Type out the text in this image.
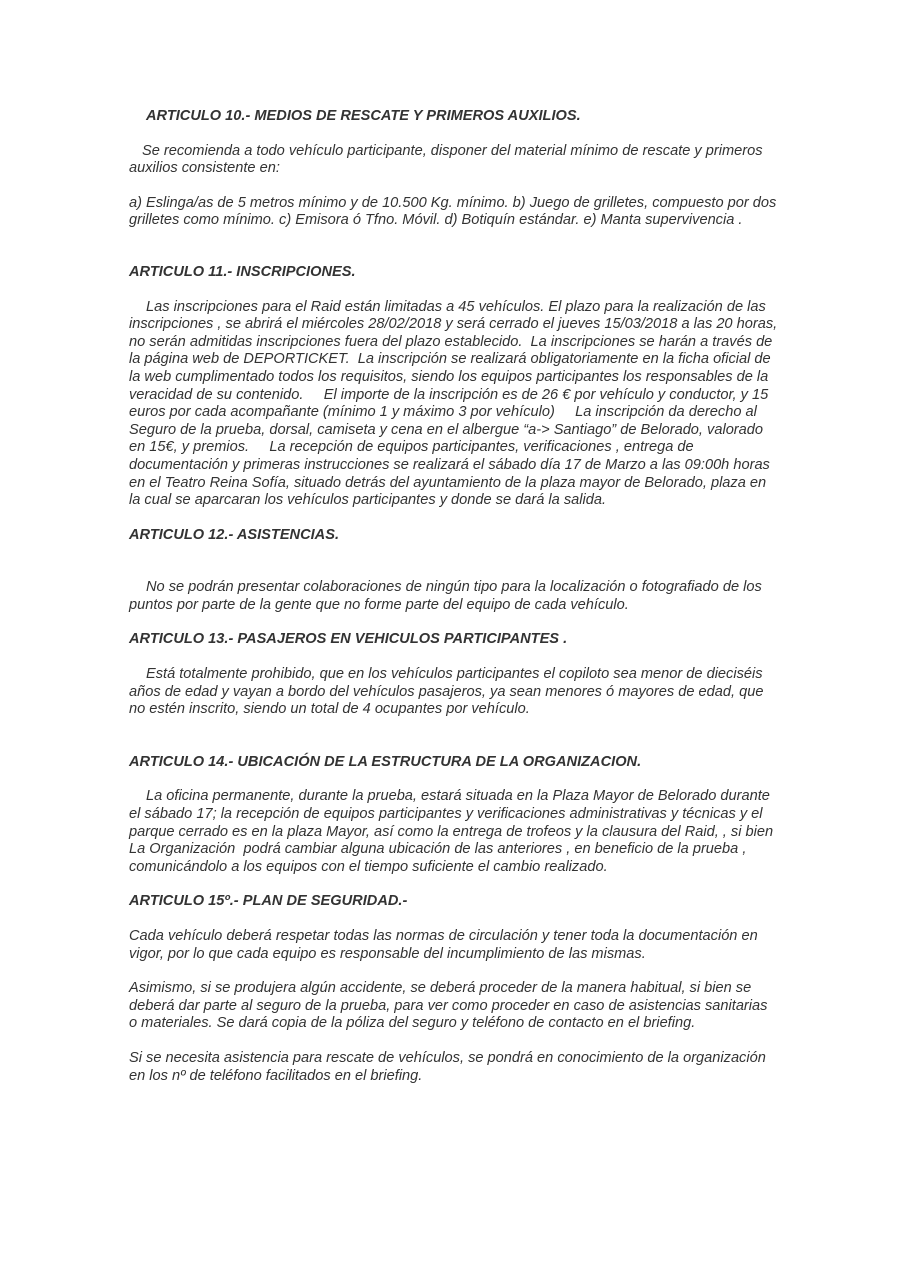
ARTICULO 10.- MEDIOS DE RESCATE Y PRIMEROS AUXILIOS.

Se recomienda a todo vehículo participante, disponer del material mínimo de rescate y primeros auxilios consistente en:

a) Eslinga/as de 5 metros mínimo y de 10.500 Kg. mínimo. b) Juego de grilletes, compuesto por dos  grilletes como mínimo. c) Emisora ó Tfno. Móvil. d) Botiquín estándar. e) Manta supervivencia .

ARTICULO 11.- INSCRIPCIONES.

Las inscripciones para el Raid están limitadas a 45 vehículos. El plazo para la realización de las inscripciones , se abrirá el miércoles 28/02/2018 y será cerrado el jueves 15/03/2018 a las 20 horas,  no serán admitidas inscripciones fuera del plazo establecido.  La inscripciones se harán a través de la página web de DEPORTICKET.  La inscripción se realizará obligatoriamente en la ficha oficial de la web cumplimentado todos los requisitos, siendo los equipos participantes los responsables de la veracidad de su contenido.     El importe de la inscripción es de 26 € por vehículo y conductor, y 15 euros por cada acompañante (mínimo 1 y máximo 3 por vehículo)     La inscripción da derecho al Seguro de la prueba, dorsal, camiseta y cena en el albergue “a-> Santiago” de Belorado, valorado en 15€, y premios.     La recepción de equipos participantes, verificaciones , entrega de documentación y primeras instrucciones se realizará el sábado día 17 de Marzo a las 09:00h horas en el Teatro Reina Sofía, situado detrás del ayuntamiento de la plaza mayor de Belorado, plaza en la cual se aparcaran los vehículos participantes y donde se dará la salida.

ARTICULO 12.- ASISTENCIAS.

No se podrán presentar colaboraciones de ningún tipo para la localización o fotografiado de los puntos por parte de la gente que no forme parte del equipo de cada vehículo.

ARTICULO 13.- PASAJEROS EN VEHICULOS PARTICIPANTES .

Está totalmente prohibido, que en los vehículos participantes el copiloto sea menor de dieciséis años de edad y vayan a bordo del vehículos pasajeros, ya sean menores ó mayores de edad, que no estén inscrito, siendo un total de 4 ocupantes por vehículo.

ARTICULO 14.- UBICACIÓN DE LA ESTRUCTURA DE LA ORGANIZACION.

La oficina permanente, durante la prueba, estará situada en la Plaza Mayor de Belorado durante el sábado 17; la recepción de equipos participantes y verificaciones administrativas y técnicas y el parque cerrado es en la plaza Mayor, así como la entrega de trofeos y la clausura del Raid, , si bien La Organización  podrá cambiar alguna ubicación de las anteriores , en beneficio de la prueba , comunicándolo a los equipos con el tiempo suficiente el cambio realizado.

ARTICULO 15º.- PLAN DE SEGURIDAD.-

Cada vehículo deberá respetar todas las normas de circulación y tener toda la documentación en vigor, por lo que cada equipo es responsable del incumplimiento de las mismas.

Asimismo, si se produjera algún accidente, se deberá proceder de la manera habitual, si bien se deberá dar parte al seguro de la prueba, para ver como proceder en caso de asistencias sanitarias o materiales. Se dará copia de la póliza del seguro y teléfono de contacto en el briefing.

Si se necesita asistencia para rescate de vehículos, se pondrá en conocimiento de la organización en los nº de teléfono facilitados en el briefing.
